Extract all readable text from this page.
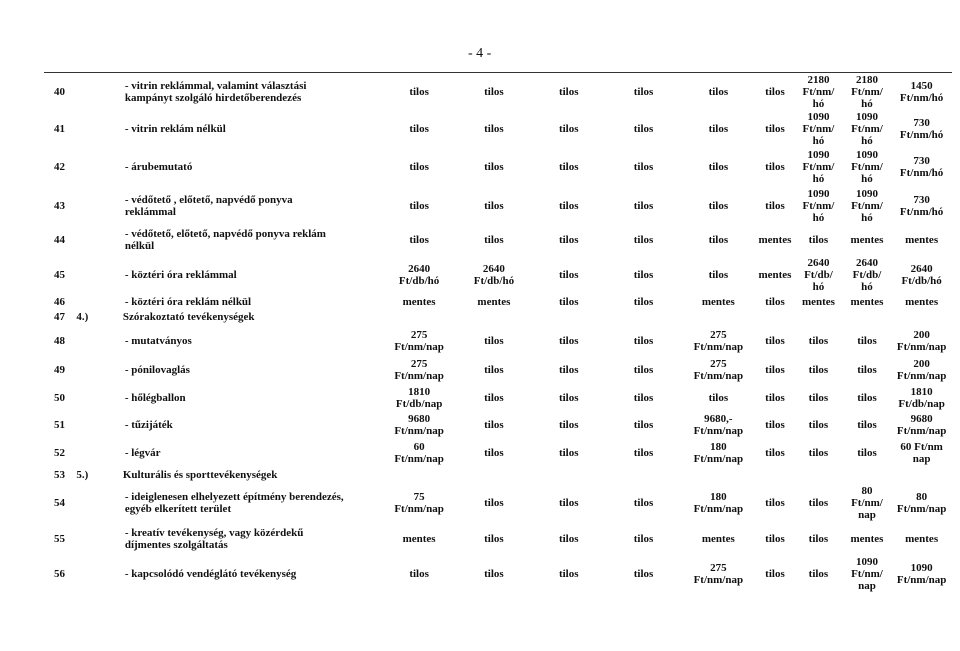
- 4 -
40		- vitrin reklámmal, valamint választási
kampányt szolgáló hirdetőberendezés	tilos	tilos	tilos	tilos	tilos	tilos	2180
Ft/nm/
hó	2180
Ft/nm/
hó	1450
Ft/nm/hó
41		- vitrin reklám nélkül	tilos	tilos	tilos	tilos	tilos	tilos	1090
Ft/nm/
hó	1090
Ft/nm/
hó	730
Ft/nm/hó
42		- árubemutató	tilos	tilos	tilos	tilos	tilos	tilos	1090
Ft/nm/
hó	1090
Ft/nm/
hó	730
Ft/nm/hó
43		- védőtető , előtető, napvédő ponyva
reklámmal	tilos	tilos	tilos	tilos	tilos	tilos	1090
Ft/nm/
hó	1090
Ft/nm/
hó	730
Ft/nm/hó
44		- védőtető, előtető, napvédő ponyva reklám
nélkül	tilos	tilos	tilos	tilos	tilos	mentes	tilos	mentes	mentes
45		- köztéri óra reklámmal	2640
Ft/db/hó	2640
Ft/db/hó	tilos	tilos	tilos	mentes	2640
Ft/db/
hó	2640
Ft/db/
hó	2640
Ft/db/hó
46		- köztéri óra reklám nélkül	mentes	mentes	tilos	tilos	mentes	tilos	mentes	mentes	mentes
47	4.)	Szórakoztató tevékenységek									
48		- mutatványos	275
Ft/nm/nap	tilos	tilos	tilos	275
Ft/nm/nap	tilos	tilos	tilos	200
Ft/nm/nap
49		- pónilovaglás	275
Ft/nm/nap	tilos	tilos	tilos	275
Ft/nm/nap	tilos	tilos	tilos	200
Ft/nm/nap
50		- hőlégballon	1810
Ft/db/nap	tilos	tilos	tilos	tilos	tilos	tilos	tilos	1810
Ft/db/nap
51		- tűzijáték	9680
Ft/nm/nap	tilos	tilos	tilos	9680,-
Ft/nm/nap	tilos	tilos	tilos	9680
Ft/nm/nap
52		- légvár	60
Ft/nm/nap	tilos	tilos	tilos	180
Ft/nm/nap	tilos	tilos	tilos	60 Ft/nm
nap
53	5.)	Kulturális és sporttevékenységek									
54		- ideiglenesen elhelyezett építmény berendezés,
egyéb elkerített terület	75
Ft/nm/nap	tilos	tilos	tilos	180
Ft/nm/nap	tilos	tilos	80
Ft/nm/
nap	80
Ft/nm/nap
55		- kreatív tevékenység, vagy közérdekű
díjmentes szolgáltatás	mentes	tilos	tilos	tilos	mentes	tilos	tilos	mentes	mentes
56		- kapcsolódó vendéglátó tevékenység	tilos	tilos	tilos	tilos	275
Ft/nm/nap	tilos	tilos	1090
Ft/nm/
nap	1090
Ft/nm/nap
